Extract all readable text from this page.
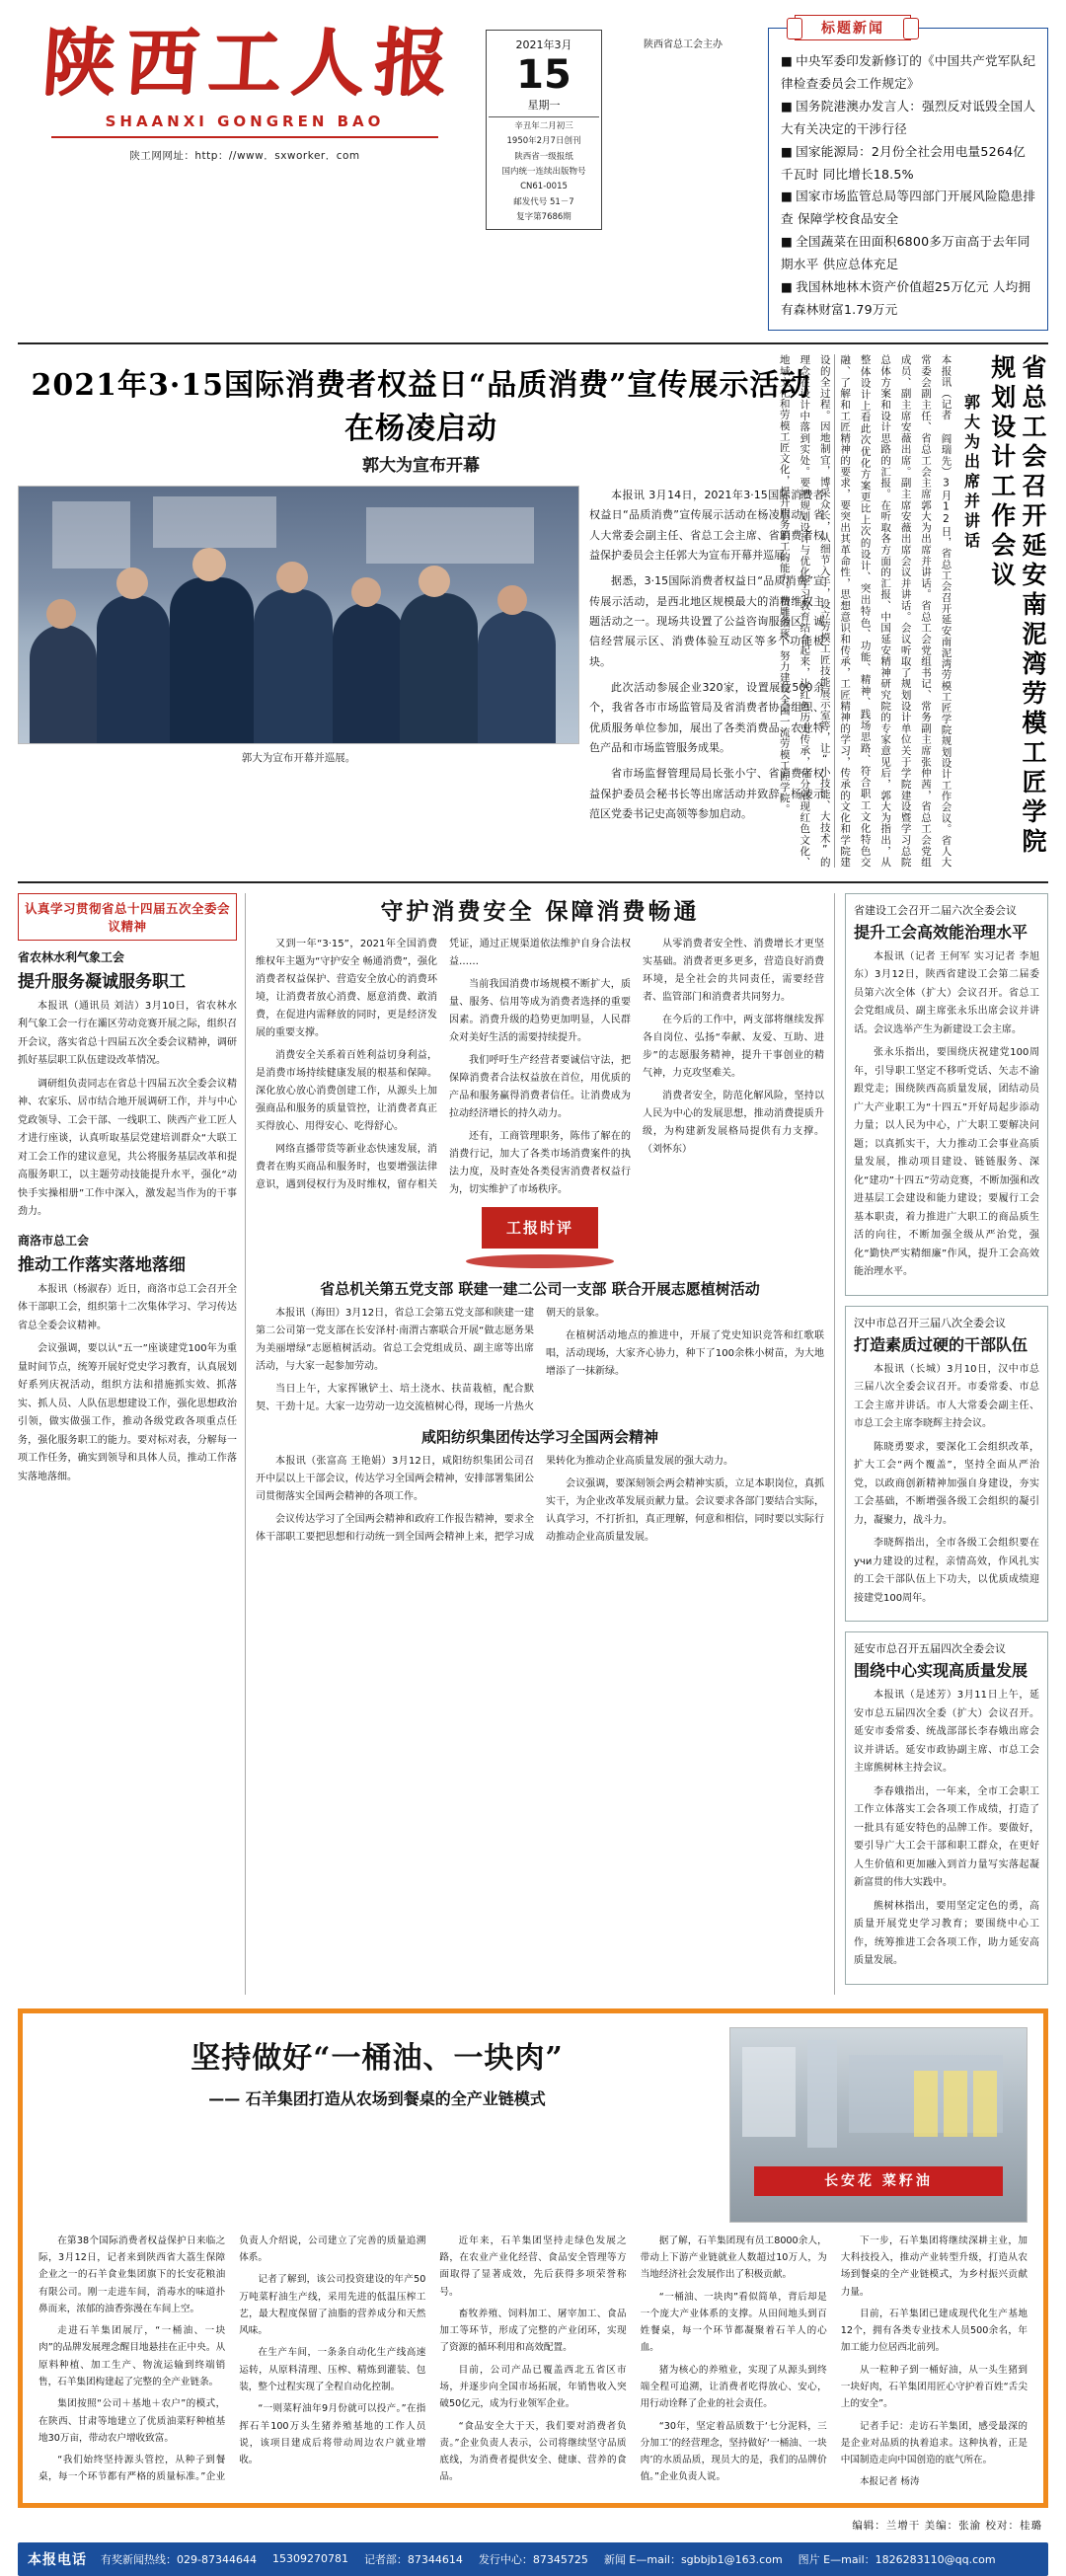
陕西工人报
SHAANXI GONGREN BAO
陕工网网址：http：//www．sxworker．com
2021年3月
15
星期一
辛丑年二月初三
1950年2月7日创刊
陕西省一级报纸
国内统一连续出版物号
CN61-0015
邮发代号 51－7
复字第7686期
陕西省总工会主办
标题新闻
■ 中央军委印发新修订的《中国共产党军队纪律检查委员会工作规定》
■ 国务院港澳办发言人：强烈反对诋毁全国人大有关决定的干涉行径
■ 国家能源局：2月份全社会用电量5264亿千瓦时 同比增长18.5%
■ 国家市场监管总局等四部门开展风险隐患排查 保障学校食品安全
■ 全国蔬菜在田面积6800多万亩高于去年同期水平 供应总体充足
■ 我国林地林木资产价值超25万亿元 人均拥有森林财富1.79万元
2021年3·15国际消费者权益日“品质消费”宣传展示活动在杨凌启动
郭大为宣布开幕
郭大为宣布开幕并巡展。

本报讯 3月14日，2021年3·15国际消费者权益日“品质消费”宣传展示活动在杨凌启动。省人大常委会副主任、省总工会主席、省消费者权益保护委员会主任郭大为宣布开幕并巡展。

据悉，3·15国际消费者权益日“品质消费”宣传展示活动，是西北地区规模最大的消费维权主题活动之一。现场共设置了公益咨询服务区、诚信经营展示区、消费体验互动区等多个功能板块。

此次活动参展企业320家，设置展位500余个，我省各市市场监管局及省消费者协会组织、优质服务单位参加，展出了各类消费品、农业特色产品和市场监管服务成果。

省市场监督管理局局长张小宁、省消费者权益保护委员会秘书长等出席活动并致辞。杨凌示范区党委书记史高领等参加启动。	省总工会召开延安南泥湾劳模工匠学院规划设计工作会议
郭大为出席并讲话
本报讯（记者 阎瑞先）3月12日，省总工会召开延安南泥湾劳模工匠学院规划设计工作会议。省人大常委会副主任、省总工会主席郭大为出席并讲话。省总工会党组书记、常务副主席张仲茜，省总工会党组成员、副主席安薇出席。副主席安薇出席会议并讲话。会议听取了规划设计单位关于学院建设暨学习总院总体方案和设计思路的汇报。在听取各方面的汇报、中国延安精神研究院的专家意见后，郭大为指出，从整体设计上看此次优化方案更比上次的设计、突出特色、功能、精神、践场思路、符合职工文化特色交融、了解和工匠精神的要求，要突出其革命性，思想意识和传承，工匠精神的学习，传承的文化和学院建设的全过程。因地制宜，博采众长，从细节入手，设立劳模工匠技能展示室等，让“小技能、大技术”的理念在设计中落到实处。要把规划设计与优化学习教育结合起来，让红色历史传承，有分展现红色文化、地域文化和劳模工匠文化，提升服务职工的能力。精雕细琢，努力建设全国一流劳模工匠学院。
认真学习贯彻省总十四届五次全委会议精神
省农林水利气象工会
提升服务凝诚服务职工

本报讯（通讯员 刘洁）3月10日，省农林水利气象工会一行在灞区劳动竞赛开展之际，组织召开会议，落实省总十四届五次全委会议精神，调研抓好基层职工队伍建设改革情况。

调研组负责同志在省总十四届五次全委会议精神、农家乐、居市结合地开展调研工作，并与中心党政领导、工会干部、一线职工、陕西产业工匠人才进行座谈，认真听取基层党建培训群众“大联工对工会工作的建议意见，共公将服务基层改革和提高服务职工，以主题劳动技能提升水平，强化“动快手实操相册”工作中深入，激发起当作为的干事劲力。

商洛市总工会
推动工作落实落地落细

本报讯（杨淑春）近日，商洛市总工会召开全体干部职工会，组织第十二次集体学习、学习传达省总全委会议精神。

会议强调，要以认“五一”座谈建党100年为重量时间节点，统筹开展好党史学习教育，认真展划好系列庆祝活动，组织方法和措施抓实效、抓落实、抓人员、人队伍思想建设工作，强化思想政治引领，做实做强工作，推动各级党政各项重点任务，强化服务职工的能力。要对标对表，分解每一项工作任务，确实到领导和具体人员，推动工作落实落地落细。

守护消费安全 保障消费畅通

又到一年“3·15”，2021年全国消费维权年主题为“守护安全 畅通消费”，强化消费者权益保护、营造安全放心的消费环境，让消费者放心消费、愿意消费、敢消费，在促进内需释放的同时，更是经济发展的重要支撑。

消费安全关系着百姓利益切身利益，是消费市场持续健康发展的根基和保障。深化放心放心消费创建工作，从源头上加强商品和服务的质量管控，让消费者真正买得放心、用得安心、吃得舒心。

网络直播带货等新业态快速发展，消费者在购买商品和服务时，也要增强法律意识，遇到侵权行为及时维权，留存相关凭证，通过正规渠道依法维护自身合法权益……

当前我国消费市场规模不断扩大，质量、服务、信用等成为消费者选择的重要因素。消费升级的趋势更加明显，人民群众对美好生活的需要持续提升。

我们呼吁生产经营者要诚信守法，把保障消费者合法权益放在首位，用优质的产品和服务赢得消费者信任。让消费成为拉动经济增长的持久动力。

还有，工商管理职务，陈伟了解在的消费行记，加大了各类市场消费案件的执法力度，及时查处各类侵害消费者权益行为，切实维护了市场秩序。

从零消费者安全性、消费增长才更坚实基础。消费者更多更多，营造良好消费环境，是全社会的共同责任，需要经营者、监管部门和消费者共同努力。

在今后的工作中，两支部将继续发挥各自岗位、弘扬“奉献、友爱、互助、进步”的志愿服务精神，提升干事创业的精气神，力克攻坚难关。

消费者安全，防范化解风险，坚持以人民为中心的发展思想，推动消费提质升级，为构建新发展格局提供有力支撑。（刘怀东）

工报时评
省总机关第五党支部 联建一建二公司一支部 联合开展志愿植树活动

本报讯（海田）3月12日，省总工会第五党支部和陕建一建第二公司第一党支部在长安泽村·南渭古寨联合开展“做志愿务果 为美丽增绿”志愿植树活动。省总工会党组成员、副主席等出席活动，与大家一起参加劳动。

当日上午，大家挥锹铲土、培土浇水、扶苗栽植，配合默契、干劲十足。大家一边劳动一边交流植树心得，现场一片热火朝天的景象。

在植树活动地点的推进中，开展了党史知识竞答和红歌联唱，活动现场，大家齐心协力，种下了100余株小树苗，为大地增添了一抹新绿。

咸阳纺织集团传达学习全国两会精神

本报讯（张富高 王艳娟）3月12日，咸阳纺织集团公司召开中层以上干部会议，传达学习全国两会精神，安排部署集团公司贯彻落实全国两会精神的各项工作。

会议传达学习了全国两会精神和政府工作报告精神，要求全体干部职工要把思想和行动统一到全国两会精神上来，把学习成果转化为推动企业高质量发展的强大动力。

会议强调，要深刻领会两会精神实质，立足本职岗位，真抓实干，为企业改革发展贡献力量。会议要求各部门要结合实际，认真学习，不打折扣，真正理解，何意和相信，同时要以实际行动推动企业高质量发展。

省建设工会召开二届六次全委会议
提升工会高效能治理水平

本报讯（记者 王何军 实习记者 李旭东）3月12日，陕西省建设工会第二届委员第六次全体（扩大）会议召开。省总工会党组成员、副主席张永乐出席会议并讲话。会议选举产生为新建设工会主席。

张永乐指出，要围绕庆祝建党100周年，引导职工坚定不移听党话、矢志不渝跟党走；围绕陕西高质量发展，团结动员广大产业职工为“十四五”开好局起步添动力量；以人民为中心，广大职工要解决问题；以真抓实干，大力推动工会事业高质量发展，推动项目建设、链链服务、深化“建功”十四五”劳动竞赛，不断加强和改进基层工会建设和能力建设；要履行工会基本职责，着力推进广大职工的商品质生活的向往，不断加强全级从严治党，强化“勤快严实精细廉”作风，提升工会高效能治理水平。

汉中市总召开三届八次全委会议
打造素质过硬的干部队伍

本报讯（长城）3月10日，汉中市总三届八次全委会议召开。市委常委、市总工会主席并讲话。市人大常委会副主任、市总工会主席李晓辉主持会议。

陈晓勇要求，要深化工会组织改革，扩大工会“两个覆盖”，坚持全面从严治党，以政商创新精神加强自身建设，夯实工会基础，不断增强各级工会组织的凝引力，凝聚力，战斗力。

李晓辉指出，全市各级工会组织要在учи力建设的过程，亲情高效，作风扎实的工会干部队伍上下功夫，以优质成绩迎接建党100周年。

延安市总召开五届四次全委会议
围绕中心实现高质量发展

本报讯（是述芳）3月11日上午，延安市总五届四次全委（扩大）会议召开。延安市委常委、统战部部长李春娥出席会议并讲话。延安市政协副主席、市总工会主席熊树林主持会议。

李春娥指出，一年来，全市工会职工工作立体落实工会各项工作成绩，打造了一批具有延安特色的品牌工作。要做好，要引导广大工会干部和职工群众，在更好人生价值和更加融入到首力量写实落起凝新富贯的伟大实践中。

熊树林指出，要用坚定定色的勇，高质量开展党史学习教育；要围绕中心工作，统筹推进工会各项工作，助力延安高质量发展。

坚持做好“一桶油、一块肉”
—— 石羊集团打造从农场到餐桌的全产业链模式
长安花 菜籽油

在第38个国际消费者权益保护日来临之际，3月12日，记者来到陕西省大荔生保障企业之一的石羊食业集团旗下的长安花粮油有限公司。刚一走进车间，消毒水的味道扑鼻而来，浓郁的油香弥漫在车间上空。

走进石羊集团展厅，“一桶油、一块肉”的品牌发展理念醒目地悬挂在正中央。从原料种植、加工生产、物流运输到终端销售，石羊集团构建起了完整的全产业链条。

集团按照“公司＋基地＋农户”的模式，在陕西、甘肃等地建立了优质油菜籽种植基地30万亩，带动农户增收致富。

“我们始终坚持源头管控，从种子到餐桌，每一个环节都有严格的质量标准。”企业负责人介绍说，公司建立了完善的质量追溯体系。

记者了解到，该公司投资建设的年产50万吨菜籽油生产线，采用先进的低温压榨工艺，最大程度保留了油脂的营养成分和天然风味。

在生产车间，一条条自动化生产线高速运转，从原料清理、压榨、精炼到灌装、包装，整个过程实现了全程自动化控制。

“一则菜籽油年9月份就可以投产。”在指挥石羊100万头生猪养殖基地的工作人员说，该项目建成后将带动周边农户就业增收。

近年来，石羊集团坚持走绿色发展之路，在农业产业化经营、食品安全管理等方面取得了显著成效，先后获得多项荣誉称号。

畜牧养殖、饲料加工、屠宰加工、食品加工等环节，形成了完整的产业闭环，实现了资源的循环利用和高效配置。

目前，公司产品已覆盖西北五省区市场，并逐步向全国市场拓展，年销售收入突破50亿元，成为行业领军企业。

“食品安全大于天，我们要对消费者负责。”企业负责人表示，公司将继续坚守品质底线，为消费者提供安全、健康、营养的食品。

据了解，石羊集团现有员工8000余人，带动上下游产业链就业人数超过10万人，为当地经济社会发展作出了积极贡献。

“一桶油、一块肉”看似简单，背后却是一个庞大产业体系的支撑。从田间地头到百姓餐桌，每一个环节都凝聚着石羊人的心血。

猪为核心的养殖业，实现了从源头到终端全程可追溯，让消费者吃得放心、安心，用行动诠释了企业的社会责任。

“30年，坚定着品质数于‘七分泥料，三分加工’的经营理念，坚持做好‘一桶油、一块肉’的水质品质，现员大的是，我们的品牌价值。”企业负责人说。

下一步，石羊集团将继续深耕主业，加大科技投入，推动产业转型升级，打造从农场到餐桌的全产业链模式，为乡村振兴贡献力量。

目前，石羊集团已建成现代化生产基地12个，拥有各类专业技术人员500余名，年加工能力位居西北前列。

从一粒种子到一桶好油，从一头生猪到一块好肉，石羊集团用匠心守护着百姓“舌尖上的安全”。

记者手记：走访石羊集团，感受最深的是企业对品质的执着追求。这种执着，正是中国制造走向中国创造的底气所在。

本报记者 杨涛

编辑：兰增干 美编：张渝 校对：桂璐
本报电话 有奖新闻热线：029-87344644 15309270781 记者部：87344614 发行中心：87345725 新闻 E—mail：sgbbjb1@163.com 图片 E—mail：1826283110@qq.com
